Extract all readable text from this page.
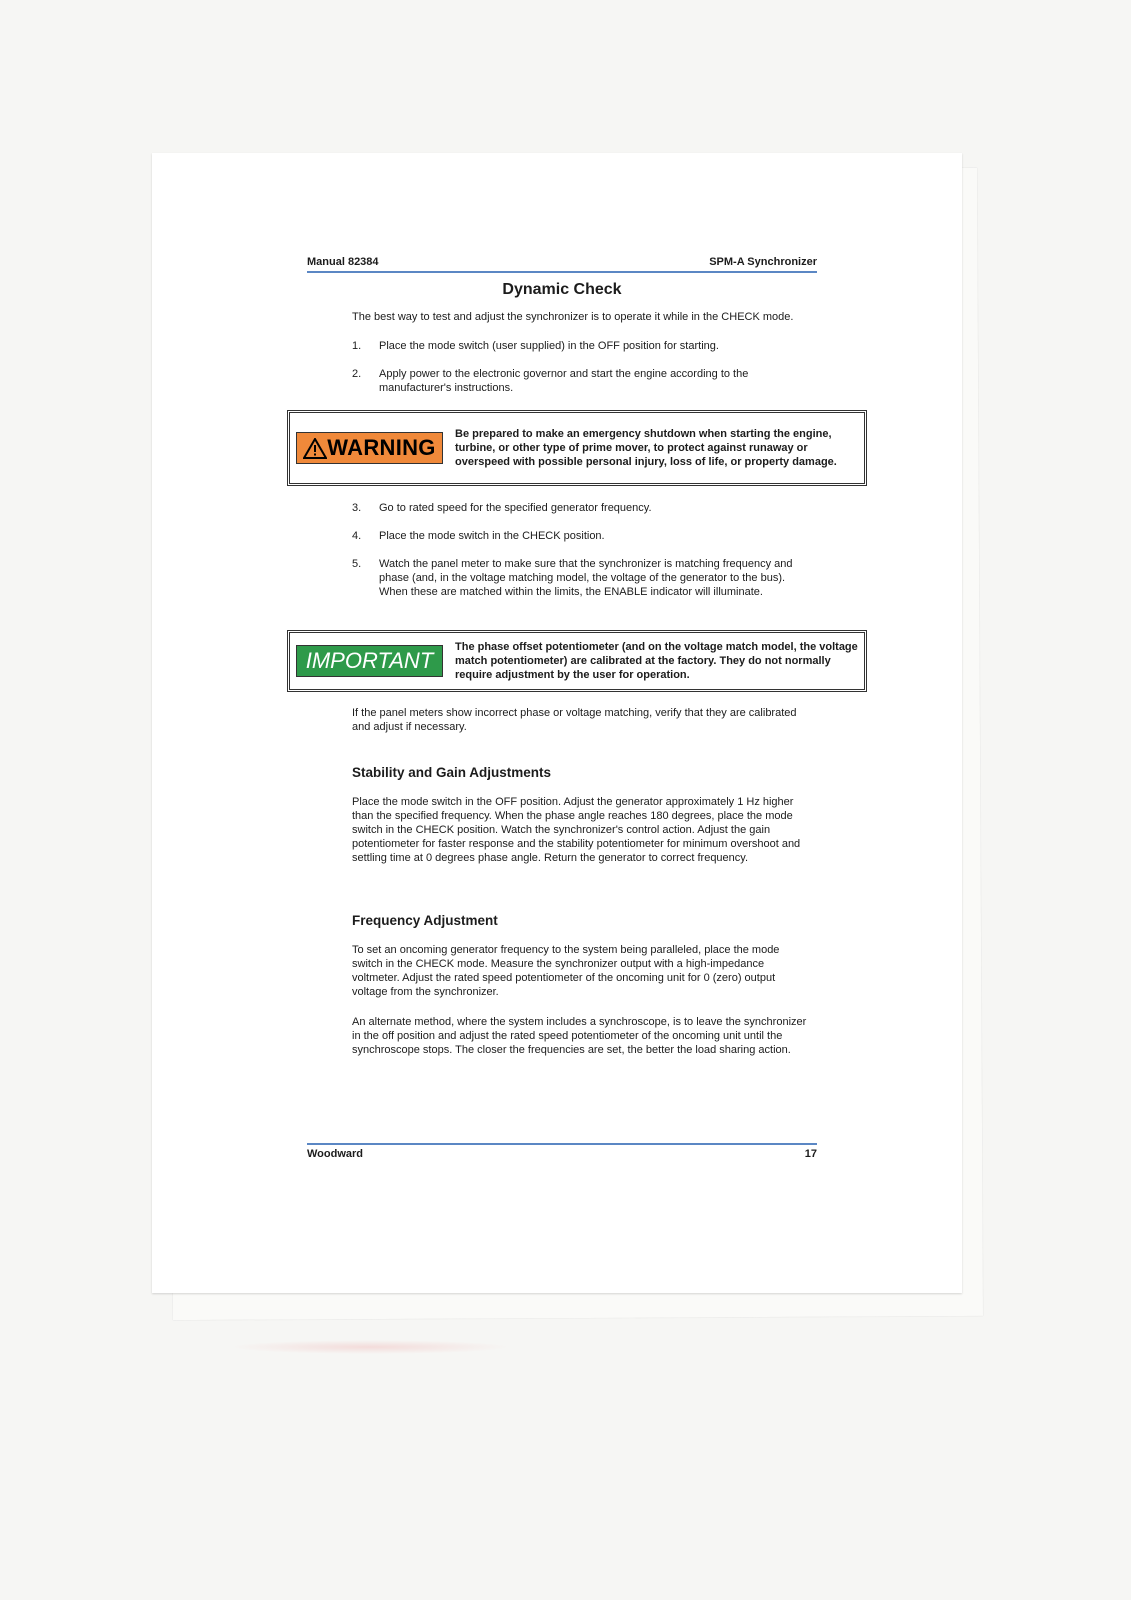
Manual 82384	SPM-A Synchronizer
Dynamic Check
The best way to test and adjust the synchronizer is to operate it while in the CHECK mode.
1.	Place the mode switch (user supplied) in the OFF position for starting.
2.	Apply power to the electronic governor and start the engine according to the manufacturer's instructions.
WARNING
Be prepared to make an emergency shutdown when starting the engine, turbine, or other type of prime mover, to protect against runaway or overspeed with possible personal injury, loss of life, or property damage.
3.	Go to rated speed for the specified generator frequency.
4.	Place the mode switch in the CHECK position.
5.	Watch the panel meter to make sure that the synchronizer is matching frequency and phase (and, in the voltage matching model, the voltage of the generator to the bus). When these are matched within the limits, the ENABLE indicator will illuminate.
IMPORTANT
The phase offset potentiometer (and on the voltage match model, the voltage match potentiometer) are calibrated at the factory. They do not normally require adjustment by the user for operation.
If the panel meters show incorrect phase or voltage matching, verify that they are calibrated and adjust if necessary.
Stability and Gain Adjustments
Place the mode switch in the OFF position. Adjust the generator approximately 1 Hz higher than the specified frequency. When the phase angle reaches 180 degrees, place the mode switch in the CHECK position. Watch the synchronizer's control action. Adjust the gain potentiometer for faster response and the stability potentiometer for minimum overshoot and settling time at 0 degrees phase angle. Return the generator to correct frequency.
Frequency Adjustment
To set an oncoming generator frequency to the system being paralleled, place the mode switch in the CHECK mode. Measure the synchronizer output with a high-impedance voltmeter. Adjust the rated speed potentiometer of the oncoming unit for 0 (zero) output voltage from the synchronizer.
An alternate method, where the system includes a synchroscope, is to leave the synchronizer in the off position and adjust the rated speed potentiometer of the oncoming unit until the synchroscope stops. The closer the frequencies are set, the better the load sharing action.
Woodward	17
